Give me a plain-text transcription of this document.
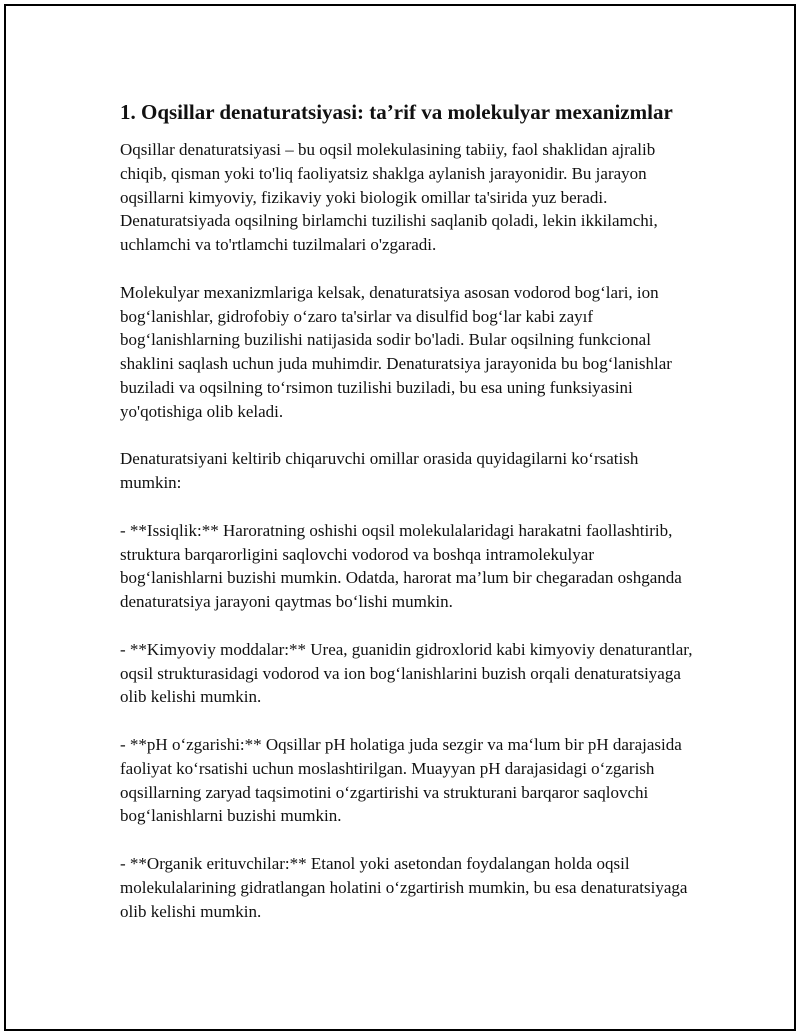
1. Oqsillar denaturatsiyasi: ta’rif va molekulyar mexanizmlar

Oqsillar denaturatsiyasi – bu oqsil molekulasining tabiiy, faol shaklidan ajralib chiqib, qisman yoki to'liq faoliyatsiz shaklga aylanish jarayonidir. Bu jarayon oqsillarni kimyoviy, fizikaviy yoki biologik omillar ta'sirida yuz beradi. Denaturatsiyada oqsilning birlamchi tuzilishi saqlanib qoladi, lekin ikkilamchi, uchlamchi va to'rtlamchi tuzilmalari o'zgaradi.

Molekulyar mexanizmlariga kelsak, denaturatsiya asosan vodorod bog‘lari, ion bog‘lanishlar, gidrofobiy o‘zaro ta'sirlar va disulfid bog‘lar kabi zayıf bog‘lanishlarning buzilishi natijasida sodir bo'ladi. Bular oqsilning funkcional shaklini saqlash uchun juda muhimdir. Denaturatsiya jarayonida bu bog‘lanishlar buziladi va oqsilning to‘rsimon tuzilishi buziladi, bu esa uning funksiyasini yo'qotishiga olib keladi.

Denaturatsiyani keltirib chiqaruvchi omillar orasida quyidagilarni ko‘rsatish mumkin:

- **Issiqlik:** Haroratning oshishi oqsil molekulalaridagi harakatni faollashtirib, struktura barqarorligini saqlovchi vodorod va boshqa intramolekulyar bog‘lanishlarni buzishi mumkin. Odatda, harorat ma’lum bir chegaradan oshganda denaturatsiya jarayoni qaytmas bo‘lishi mumkin.

- **Kimyoviy moddalar:** Urea, guanidin gidroxlorid kabi kimyoviy denaturantlar, oqsil strukturasidagi vodorod va ion bog‘lanishlarini buzish orqali denaturatsiyaga olib kelishi mumkin.

- **pH o‘zgarishi:** Oqsillar pH holatiga juda sezgir va ma‘lum bir pH darajasida faoliyat ko‘rsatishi uchun moslashtirilgan. Muayyan pH darajasidagi o‘zgarish oqsillarning zaryad taqsimotini o‘zgartirishi va strukturani barqaror saqlovchi bog‘lanishlarni buzishi mumkin.

- **Organik erituvchilar:** Etanol yoki asetondan foydalangan holda oqsil molekulalarining gidratlangan holatini o‘zgartirish mumkin, bu esa denaturatsiyaga olib kelishi mumkin.
